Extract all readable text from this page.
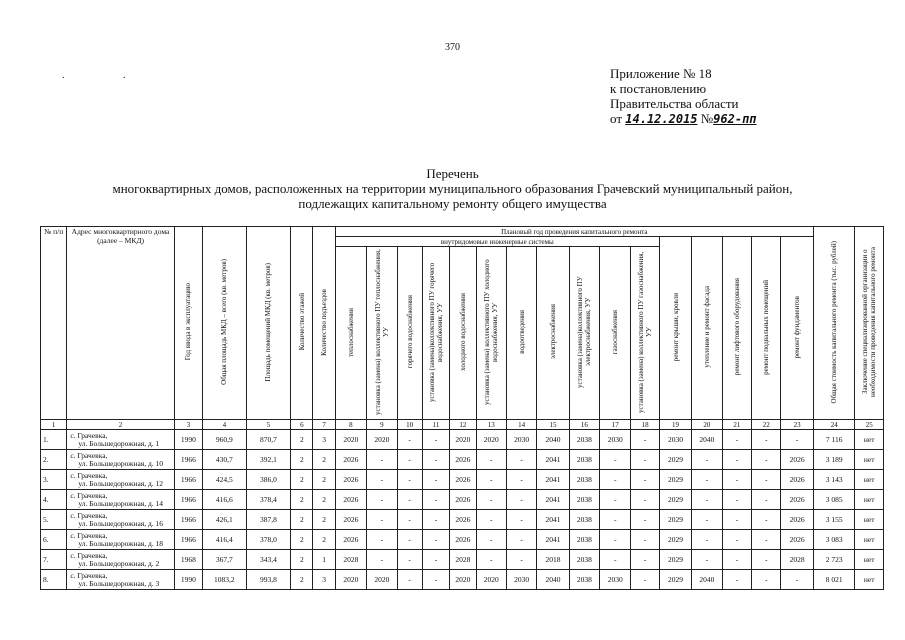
370
. .	Приложение № 18
к постановлению
Правительства области
от 14.12.2015 №962-пп
Перечень
многоквартирных домов, расположенных на территории муниципального образования Грачевский муниципальный район,
подлежащих капитальному ремонту общего имущества
№ п/п	Адрес многоквартирного дома (далее – МКД)	Год ввода в эксплуатацию	Общая площадь МКД – всего (кв. метров)	Площадь помещений МКД (кв. метров)	Количество этажей	Количество подъездов	Плановый год проведения капитального ремонта																Общая стоимость капитального ремонта (тыс. рублей)	Заключение специализированной организации о необходимости проведения капитального ремонта
							внутридомовые инженерные системы											ремонт крыши, кровли	утепление и ремонт фасада	ремонт лифтового оборудования	ремонт подвальных помещений	ремонт фундаментов		
							теплоснабжения	установка (замена) коллективного ПУ теплоснабжения, УУ	горячего водоснабжения	установка (замена)коллективного ПУ горячего водоснабжения, УУ	холодного водоснабжения	установка (замена) коллективного ПУ холодного водоснабжения, УУ	водоотведения	электроснабжения	установка (замена)коллективного ПУ электроснабжения, УУ	газоснабжения	установка (замена) коллективного ПУ газоснабжения, УУ							
1	2	3	4	5	6	7	8	9	10	11	12	13	14	15	16	17	18	19	20	21	22	23	24	25
1.	с. Грачевка,
ул. Большедорожная, д. 1	1990	960,9	870,7	2	3	2020	2020	-	-	2020	2020	2030	2040	2038	2030	-	2030	2040	-	-	-	7 116	нет
2.	с. Грачевка,
ул. Большедорожная, д. 10	1966	430,7	392,1	2	2	2026	-	-	-	2026	-	-	2041	2038	-	-	2029	-	-	-	2026	3 189	нет
3.	с. Грачевка,
ул. Большедорожная, д. 12	1966	424,5	386,0	2	2	2026	-	-	-	2026	-	-	2041	2038	-	-	2029	-	-	-	2026	3 143	нет
4.	с. Грачевка,
ул. Большедорожная, д. 14	1966	416,6	378,4	2	2	2026	-	-	-	2026	-	-	2041	2038	-	-	2029	-	-	-	2026	3 085	нет
5.	с. Грачевка,
ул. Большедорожная, д. 16	1966	426,1	387,8	2	2	2026	-	-	-	2026	-	-	2041	2038	-	-	2029	-	-	-	2026	3 155	нет
6.	с. Грачевка,
ул. Большедорожная, д. 18	1966	416,4	378,0	2	2	2026	-	-	-	2026	-	-	2041	2038	-	-	2029	-	-	-	2026	3 083	нет
7.	с. Грачевка,
ул. Большедорожная, д. 2	1968	367,7	343,4	2	1	2028	-	-	-	2028	-	-	2018	2038	-	-	2029	-	-	-	2028	2 723	нет
8.	с. Грачевка,
ул. Большедорожная, д. 3	1990	1083,2	993,8	2	3	2020	2020	-	-	2020	2020	2030	2040	2038	2030	-	2029	2040	-	-	-	8 021	нет
